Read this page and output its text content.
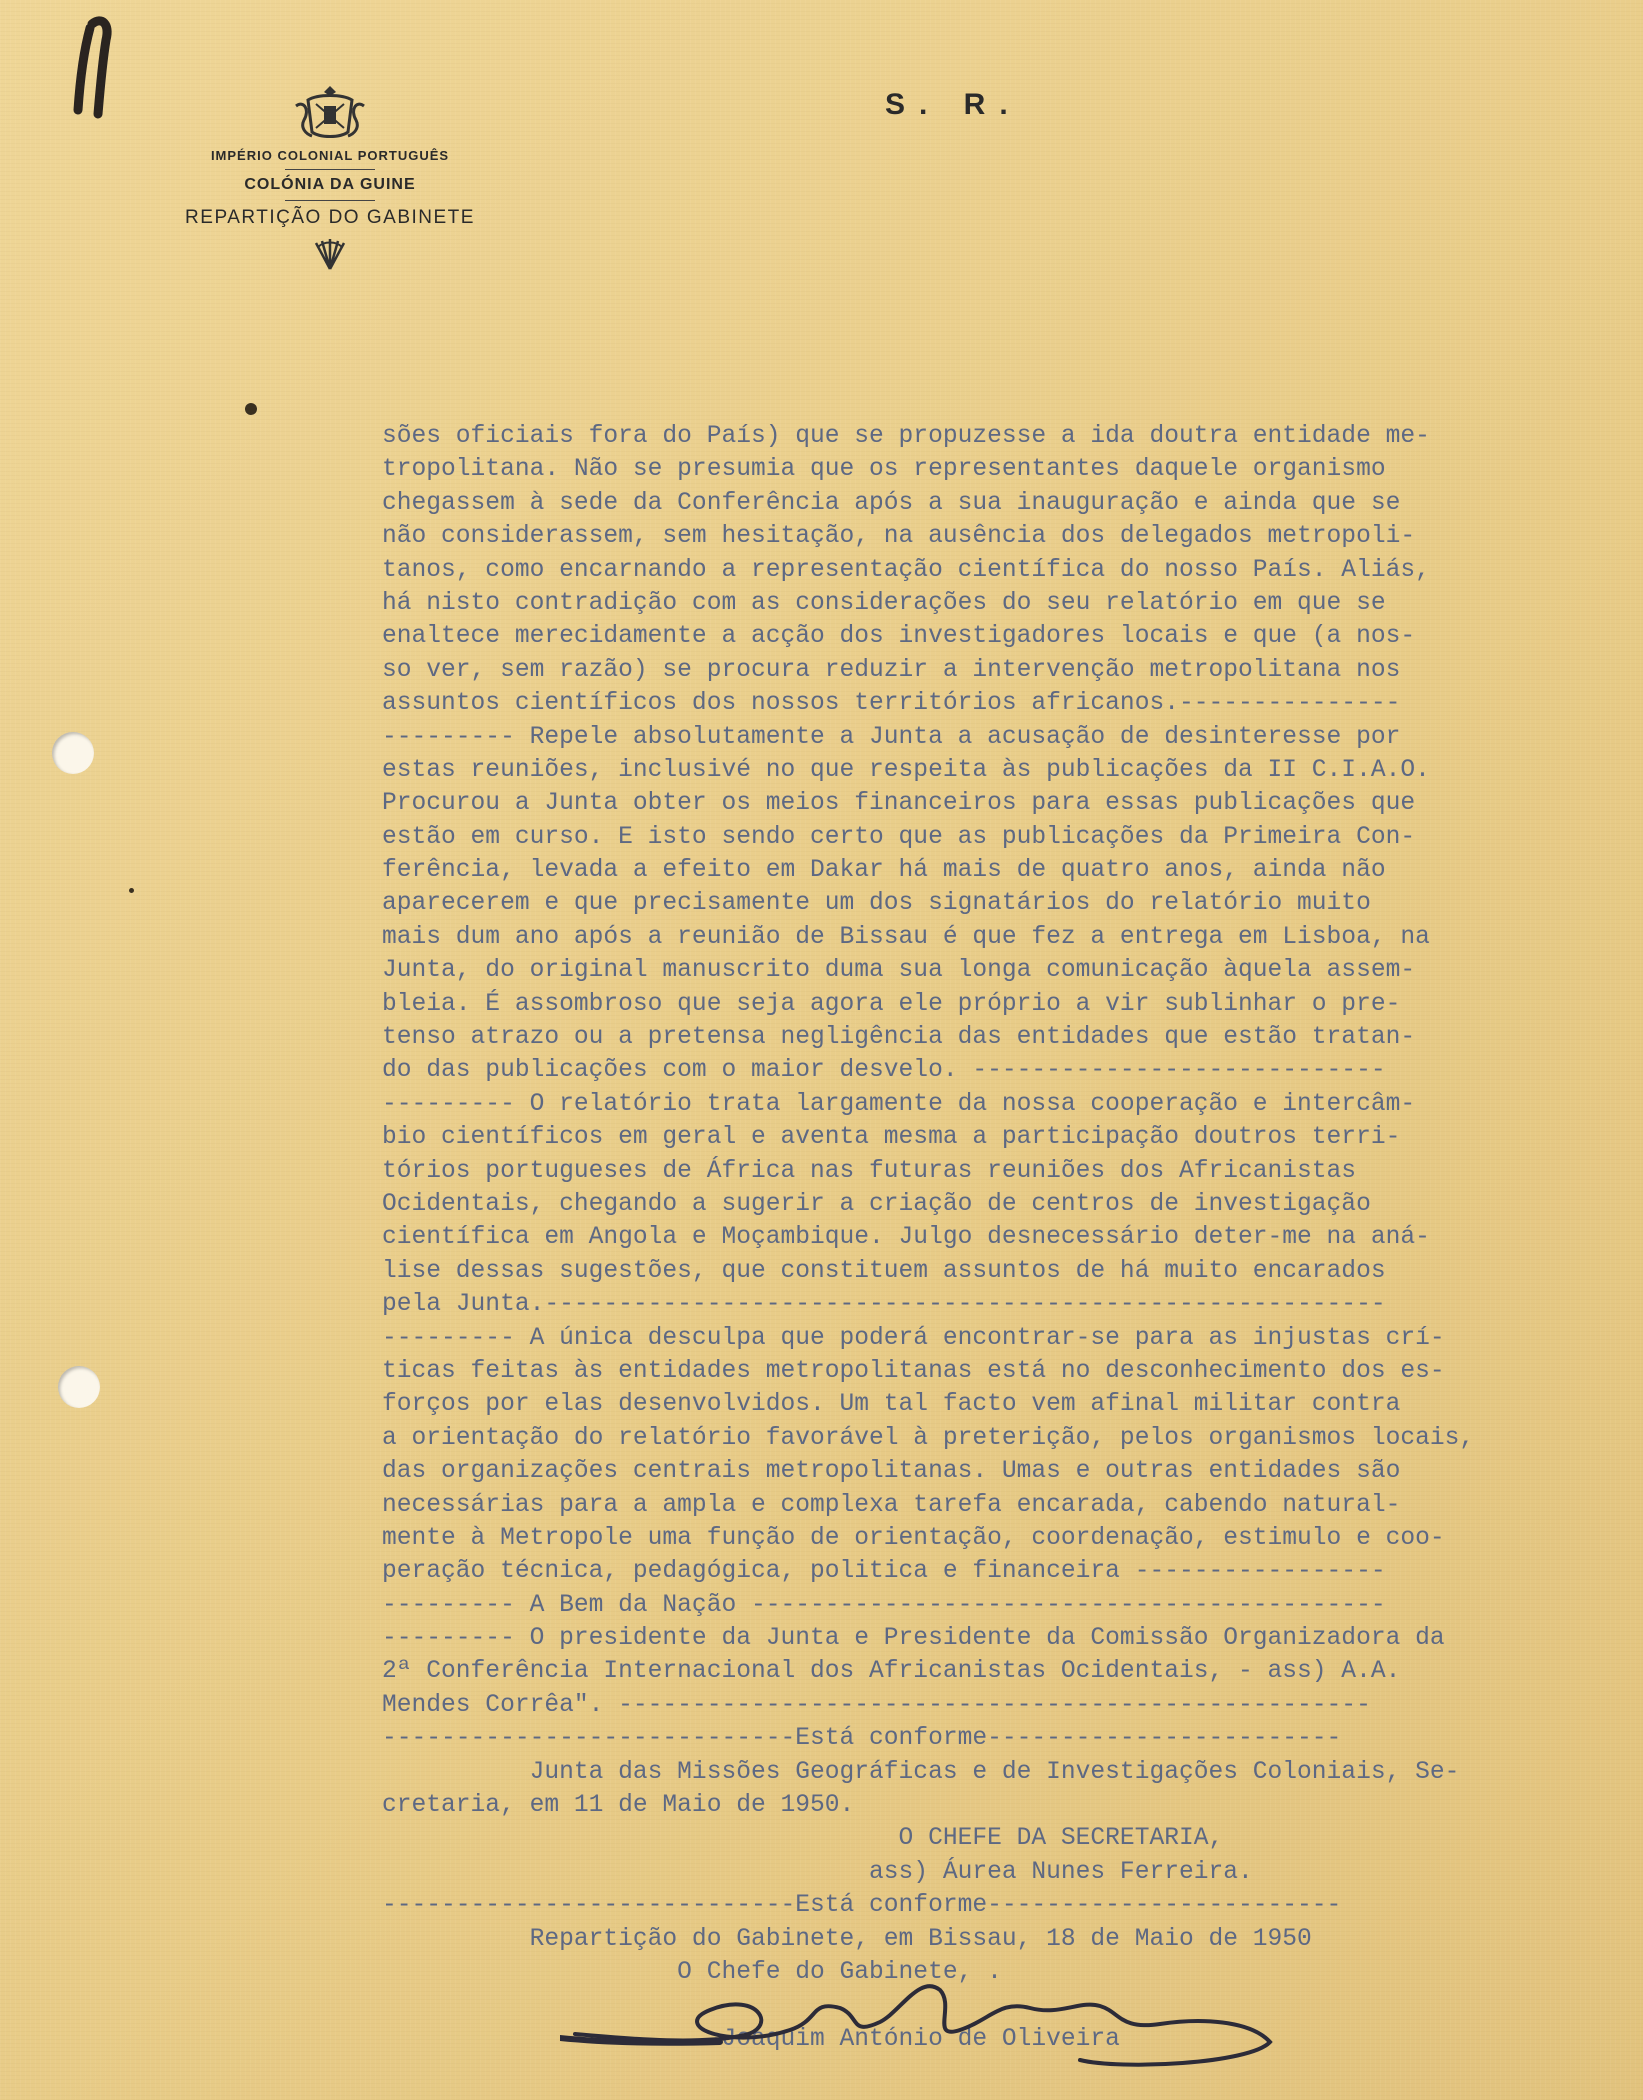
IMPÉRIO COLONIAL PORTUGUÊS
COLÓNIA DA GUINE
REPARTIÇÃO DO GABINETE
S. R.
sões oficiais fora do País) que se propuzesse a ida doutra entidade me-
tropolitana. Não se presumia que os representantes daquele organismo
chegassem à sede da Conferência após a sua inauguração e ainda que se
não considerassem, sem hesitação, na ausência dos delegados metropoli-
tanos, como encarnando a representação científica do nosso País. Aliás,
há nisto contradição com as considerações do seu relatório em que se
enaltece merecidamente a acção dos investigadores locais e que (a nos-
so ver, sem razão) se procura reduzir a intervenção metropolitana nos
assuntos científicos dos nossos territórios africanos.---------------
--------- Repele absolutamente a Junta a acusação de desinteresse por
estas reuniões, inclusivé no que respeita às publicações da II C.I.A.O.
Procurou a Junta obter os meios financeiros para essas publicações que
estão em curso. E isto sendo certo que as publicações da Primeira Con-
ferência, levada a efeito em Dakar há mais de quatro anos, ainda não
aparecerem e que precisamente um dos signatários do relatório muito
mais dum ano após a reunião de Bissau é que fez a entrega em Lisboa, na
Junta, do original manuscrito duma sua longa comunicação àquela assem-
bleia. É assombroso que seja agora ele próprio a vir sublinhar o pre-
tenso atrazo ou a pretensa negligência das entidades que estão tratan-
do das publicações com o maior desvelo. ----------------------------
--------- O relatório trata largamente da nossa cooperação e intercâm-
bio científicos em geral e aventa mesma a participação doutros terri-
tórios portugueses de África nas futuras reuniões dos Africanistas
Ocidentais, chegando a sugerir a criação de centros de investigação
científica em Angola e Moçambique. Julgo desnecessário deter-me na aná-
lise dessas sugestões, que constituem assuntos de há muito encarados
pela Junta.---------------------------------------------------------
--------- A única desculpa que poderá encontrar-se para as injustas crí-
ticas feitas às entidades metropolitanas está no desconhecimento dos es-
forços por elas desenvolvidos. Um tal facto vem afinal militar contra
a orientação do relatório favorável à preterição, pelos organismos locais,
das organizações centrais metropolitanas. Umas e outras entidades são
necessárias para a ampla e complexa tarefa encarada, cabendo natural-
mente à Metropole uma função de orientação, coordenação, estimulo e coo-
peração técnica, pedagógica, politica e financeira -----------------
--------- A Bem da Nação -------------------------------------------
--------- O presidente da Junta e Presidente da Comissão Organizadora da
2ª Conferência Internacional dos Africanistas Ocidentais, - ass) A.A.
Mendes Corrêa". ---------------------------------------------------
----------------------------Está conforme------------------------
Junta das Missões Geográficas e de Investigações Coloniais, Se-
cretaria, em 11 de Maio de 1950.
O CHEFE DA SECRETARIA,
ass) Áurea Nunes Ferreira.
----------------------------Está conforme------------------------
Repartição do Gabinete, em Bissau, 18 de Maio de 1950
O Chefe do Gabinete, .
Joaquim António de Oliveira
